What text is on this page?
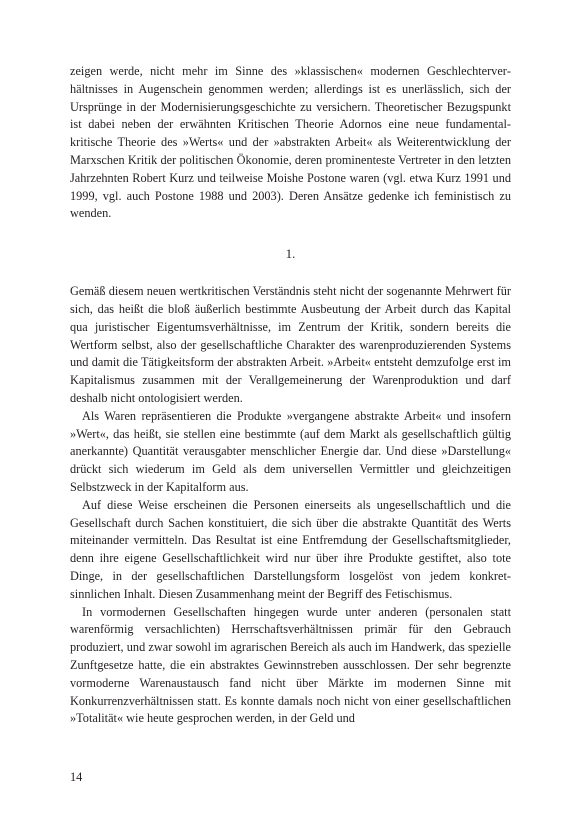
zeigen werde, nicht mehr im Sinne des »klassischen« modernen Geschlechterverhältnisses in Augenschein genommen werden; allerdings ist es unerlässlich, sich der Ursprünge in der Modernisierungsgeschichte zu versichern. Theoretischer Bezugspunkt ist dabei neben der erwähnten Kritischen Theorie Adornos eine neue fundamental-kritische Theorie des »Werts« und der »abstrakten Arbeit« als Weiterentwicklung der Marxschen Kritik der politischen Ökonomie, deren prominenteste Vertreter in den letzten Jahrzehnten Robert Kurz und teilweise Moishe Postone waren (vgl. etwa Kurz 1991 und 1999, vgl. auch Postone 1988 und 2003). Deren Ansätze gedenke ich feministisch zu wenden.

1.

Gemäß diesem neuen wertkritischen Verständnis steht nicht der sogenannte Mehrwert für sich, das heißt die bloß äußerlich bestimmte Ausbeutung der Arbeit durch das Kapital qua juristischer Eigentumsverhältnisse, im Zentrum der Kritik, sondern bereits die Wertform selbst, also der gesellschaftliche Charakter des warenproduzierenden Systems und damit die Tätigkeitsform der abstrakten Arbeit. »Arbeit« entsteht demzufolge erst im Kapitalismus zusammen mit der Verallgemeinerung der Warenproduktion und darf deshalb nicht ontologisiert werden.

Als Waren repräsentieren die Produkte »vergangene abstrakte Arbeit« und insofern »Wert«, das heißt, sie stellen eine bestimmte (auf dem Markt als gesellschaftlich gültig anerkannte) Quantität verausgabter menschlicher Energie dar. Und diese »Darstellung« drückt sich wiederum im Geld als dem universellen Vermittler und gleichzeitigen Selbstzweck in der Kapitalform aus.

Auf diese Weise erscheinen die Personen einerseits als ungesellschaftlich und die Gesellschaft durch Sachen konstituiert, die sich über die abstrakte Quantität des Werts miteinander vermitteln. Das Resultat ist eine Entfremdung der Gesellschaftsmitglieder, denn ihre eigene Gesellschaftlichkeit wird nur über ihre Produkte gestiftet, also tote Dinge, in der gesellschaftlichen Darstellungsform losgelöst von jedem konkret-sinnlichen Inhalt. Diesen Zusammenhang meint der Begriff des Fetischismus.

In vormodernen Gesellschaften hingegen wurde unter anderen (personalen statt warenförmig versachlichten) Herrschaftsverhältnissen primär für den Gebrauch produziert, und zwar sowohl im agrarischen Bereich als auch im Handwerk, das spezielle Zunftgesetze hatte, die ein abstraktes Gewinnstreben ausschlossen. Der sehr begrenzte vormoderne Warenaustausch fand nicht über Märkte im modernen Sinne mit Konkurrenzverhältnissen statt. Es konnte damals noch nicht von einer gesellschaftlichen »Totalität« wie heute gesprochen werden, in der Geld und

14
